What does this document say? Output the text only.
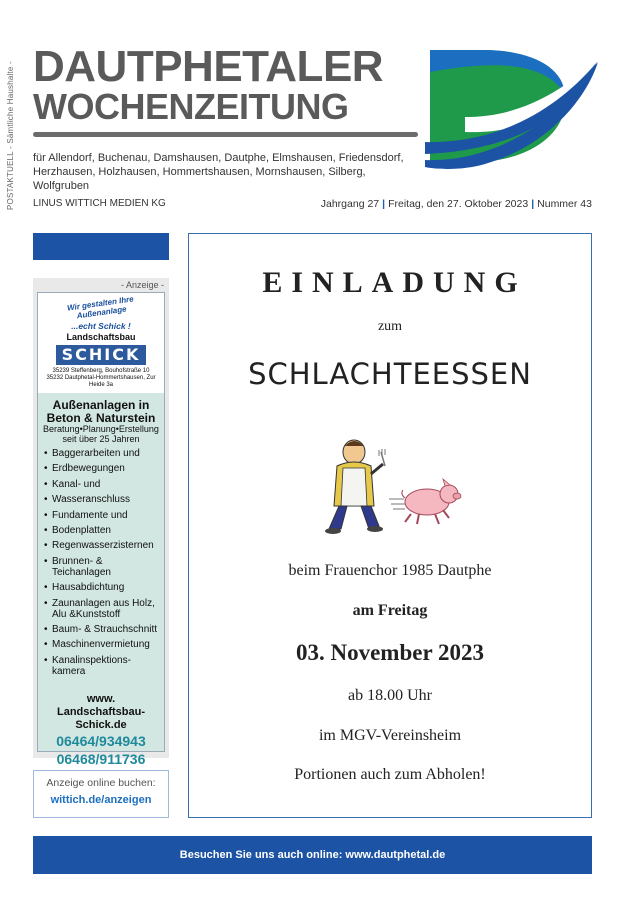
POSTAKTUELL - Sämtliche Haushalte - DAUTPHETALER
WOCHENZEITUNG
für Allendorf, Buchenau, Damshausen, Dautphe, Elmshausen, Friedensdorf, Herzhausen, Holzhausen, Hommertshausen, Mornshausen, Silberg, Wolfgruben
LINUS WITTICH MEDIEN KG	Jahrgang 27 | Freitag, den 27. Oktober 2023 | Nummer 43
- Anzeige -
Wir gestalten Ihre Außenanlage
...echt Schick !
Landschaftsbau
SCHICK
35239 Steffenberg, Bouhofstraße 10
35232 Dautphetal-Hommertshausen, Zur Heide 3a
Außenanlagen in
Beton & Naturstein
Beratung•Planung•Erstellung
seit über 25 Jahren
• Baggerarbeiten und
• Erdbewegungen
• Kanal- und
• Wasseranschluss
• Fundamente und
• Bodenplatten
• Regenwasserzisternen
• Brunnen- & Teichanlagen
• Hausabdichtung
• Zaunanlagen aus Holz, Alu &Kunststoff
• Baum- & Strauchschnitt
• Maschinenvermietung
• Kanalinspektions-kamera
www.
Landschaftsbau-
Schick.de
06464/934943
06468/911736
Anzeige online buchen:
wittich.de/anzeigen
EINLADUNG
zum
SCHLACHTEESSEN
beim Frauenchor 1985 Dautphe
am Freitag
03. November 2023
ab 18.00 Uhr
im MGV-Vereinsheim
Portionen auch zum Abholen!
Besuchen Sie uns auch online: www.dautphetal.de
